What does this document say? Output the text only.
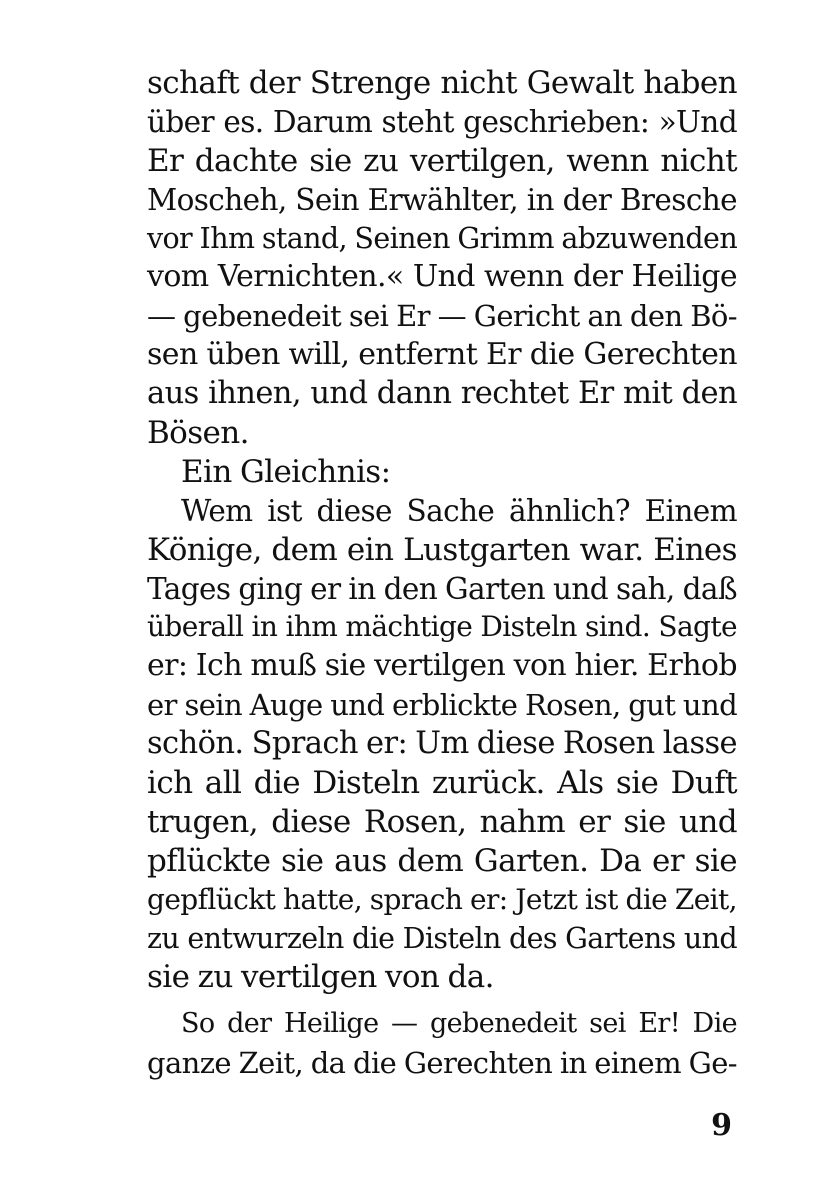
schaft der Strenge nicht Gewalt haben
über es. Darum steht geschrieben: »Und
Er dachte sie zu vertilgen, wenn nicht
Moscheh, Sein Erwählter, in der Bresche
vor Ihm stand, Seinen Grimm abzuwenden
vom Vernichten.« Und wenn der Heilige
— gebenedeit sei Er — Gericht an den Bö-
sen üben will, entfernt Er die Gerechten
aus ihnen, und dann rechtet Er mit den
Bösen.
Ein Gleichnis:
Wem ist diese Sache ähnlich? Einem
Könige, dem ein Lustgarten war. Eines
Tages ging er in den Garten und sah, daß
überall in ihm mächtige Disteln sind. Sagte
er: Ich muß sie vertilgen von hier. Erhob
er sein Auge und erblickte Rosen, gut und
schön. Sprach er: Um diese Rosen lasse
ich all die Disteln zurück. Als sie Duft
trugen, diese Rosen, nahm er sie und
pflückte sie aus dem Garten. Da er sie
gepflückt hatte, sprach er: Jetzt ist die Zeit,
zu entwurzeln die Disteln des Gartens und
sie zu vertilgen von da.
So der Heilige — gebenedeit sei Er! Die
ganze Zeit, da die Gerechten in einem Ge-
9
